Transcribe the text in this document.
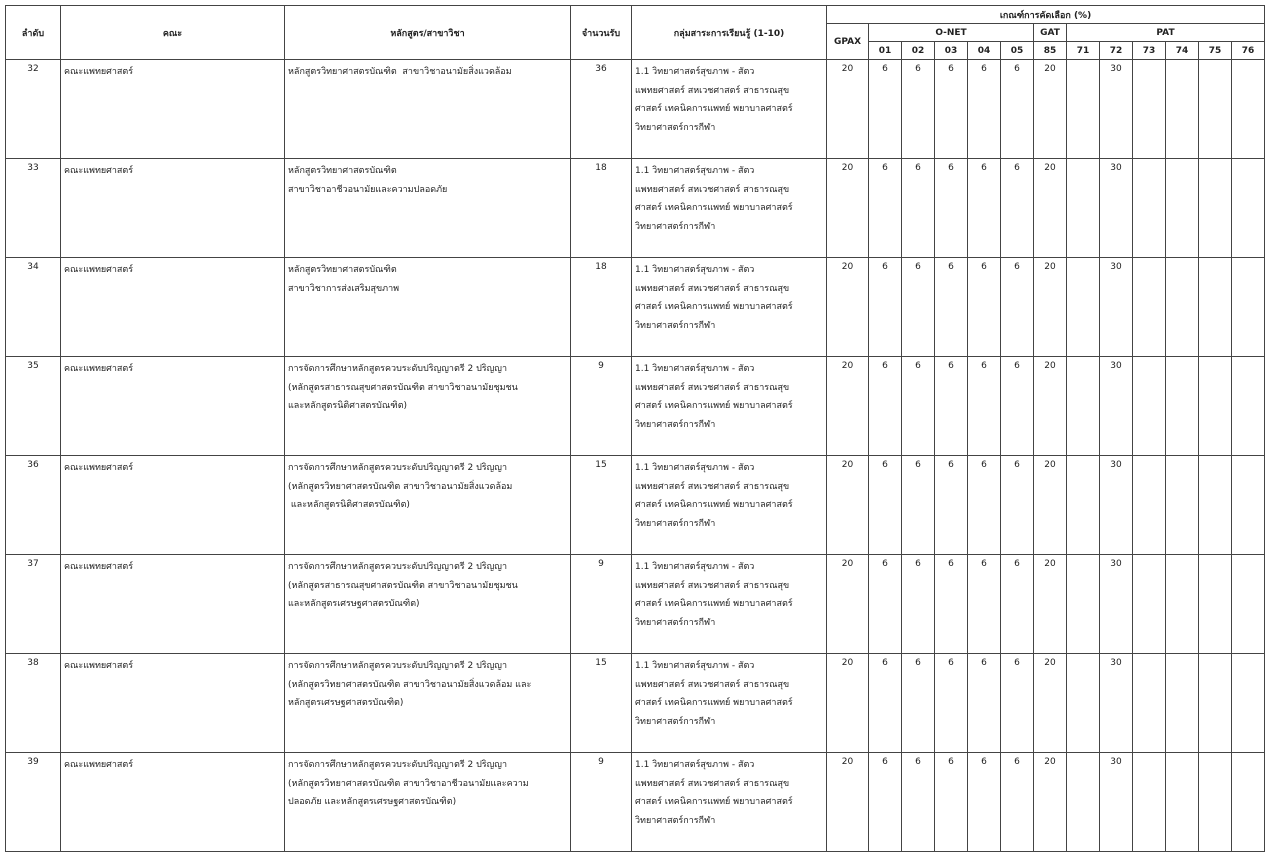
ลำดับ	คณะ	หลักสูตร/สาขาวิชา	จำนวนรับ	กลุ่มสาระการเรียนรู้ (1-10)	เกณฑ์การคัดเลือก (%)												
					GPAX	O-NET					GAT	PAT					
						01	02	03	04	05	85	71	72	73	74	75	76
32	คณะแพทยศาสตร์	หลักสูตรวิทยาศาสตรบัณฑิต  สาขาวิชาอนามัยสิ่งแวดล้อม	36	1.1 วิทยาศาสตร์สุขภาพ - สัตว
แพทยศาสตร์ สหเวชศาสตร์ สาธารณสุข
ศาสตร์ เทคนิคการแพทย์ พยาบาลศาสตร์
วิทยาศาสตร์การกีฬา	20	6	6	6	6	6	20		30				
33	คณะแพทยศาสตร์	หลักสูตรวิทยาศาสตรบัณฑิต
สาขาวิชาอาชีวอนามัยและความปลอดภัย	18	1.1 วิทยาศาสตร์สุขภาพ - สัตว
แพทยศาสตร์ สหเวชศาสตร์ สาธารณสุข
ศาสตร์ เทคนิคการแพทย์ พยาบาลศาสตร์
วิทยาศาสตร์การกีฬา	20	6	6	6	6	6	20		30				
34	คณะแพทยศาสตร์	หลักสูตรวิทยาศาสตรบัณฑิต
สาขาวิชาการส่งเสริมสุขภาพ	18	1.1 วิทยาศาสตร์สุขภาพ - สัตว
แพทยศาสตร์ สหเวชศาสตร์ สาธารณสุข
ศาสตร์ เทคนิคการแพทย์ พยาบาลศาสตร์
วิทยาศาสตร์การกีฬา	20	6	6	6	6	6	20		30				
35	คณะแพทยศาสตร์	การจัดการศึกษาหลักสูตรควบระดับปริญญาตรี 2 ปริญญา
(หลักสูตรสาธารณสุขศาสตรบัณฑิต สาขาวิชาอนามัยชุมชน
และหลักสูตรนิติศาสตรบัณฑิต)	9	1.1 วิทยาศาสตร์สุขภาพ - สัตว
แพทยศาสตร์ สหเวชศาสตร์ สาธารณสุข
ศาสตร์ เทคนิคการแพทย์ พยาบาลศาสตร์
วิทยาศาสตร์การกีฬา	20	6	6	6	6	6	20		30				
36	คณะแพทยศาสตร์	การจัดการศึกษาหลักสูตรควบระดับปริญญาตรี 2 ปริญญา
(หลักสูตรวิทยาศาสตรบัณฑิต สาขาวิชาอนามัยสิ่งแวดล้อม
และหลักสูตรนิติศาสตรบัณฑิต)	15	1.1 วิทยาศาสตร์สุขภาพ - สัตว
แพทยศาสตร์ สหเวชศาสตร์ สาธารณสุข
ศาสตร์ เทคนิคการแพทย์ พยาบาลศาสตร์
วิทยาศาสตร์การกีฬา	20	6	6	6	6	6	20		30				
37	คณะแพทยศาสตร์	การจัดการศึกษาหลักสูตรควบระดับปริญญาตรี 2 ปริญญา
(หลักสูตรสาธารณสุขศาสตรบัณฑิต สาขาวิชาอนามัยชุมชน
และหลักสูตรเศรษฐศาสตรบัณฑิต)	9	1.1 วิทยาศาสตร์สุขภาพ - สัตว
แพทยศาสตร์ สหเวชศาสตร์ สาธารณสุข
ศาสตร์ เทคนิคการแพทย์ พยาบาลศาสตร์
วิทยาศาสตร์การกีฬา	20	6	6	6	6	6	20		30				
38	คณะแพทยศาสตร์	การจัดการศึกษาหลักสูตรควบระดับปริญญาตรี 2 ปริญญา
(หลักสูตรวิทยาศาสตรบัณฑิต สาขาวิชาอนามัยสิ่งแวดล้อม และ
หลักสูตรเศรษฐศาสตรบัณฑิต)	15	1.1 วิทยาศาสตร์สุขภาพ - สัตว
แพทยศาสตร์ สหเวชศาสตร์ สาธารณสุข
ศาสตร์ เทคนิคการแพทย์ พยาบาลศาสตร์
วิทยาศาสตร์การกีฬา	20	6	6	6	6	6	20		30				
39	คณะแพทยศาสตร์	การจัดการศึกษาหลักสูตรควบระดับปริญญาตรี 2 ปริญญา
(หลักสูตรวิทยาศาสตรบัณฑิต สาขาวิชาอาชีวอนามัยและความ
ปลอดภัย และหลักสูตรเศรษฐศาสตรบัณฑิต)	9	1.1 วิทยาศาสตร์สุขภาพ - สัตว
แพทยศาสตร์ สหเวชศาสตร์ สาธารณสุข
ศาสตร์ เทคนิคการแพทย์ พยาบาลศาสตร์
วิทยาศาสตร์การกีฬา	20	6	6	6	6	6	20		30				
